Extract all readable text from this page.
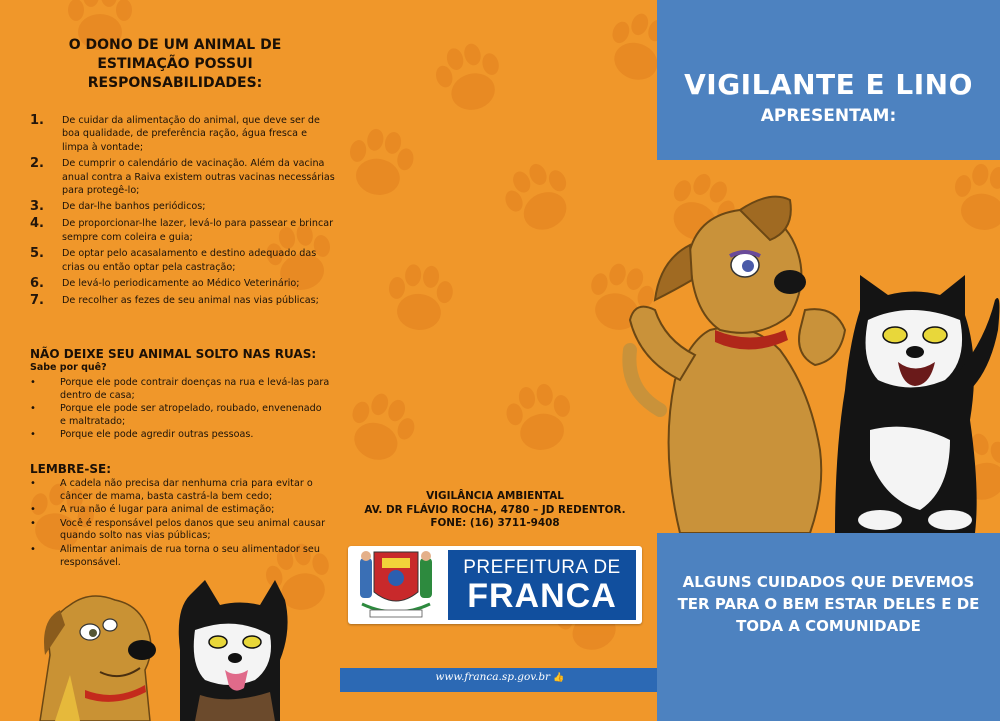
O DONO DE UM ANIMAL DE ESTIMAÇÃO POSSUI RESPONSABILIDADES:
1.	De cuidar da alimentação do animal, que deve ser de boa qualidade, de preferência ração, água fresca e limpa à vontade;
2.	De cumprir o calendário de vacinação. Além da vacina anual contra a Raiva existem outras vacinas necessárias para protegê-lo;
3.	De dar-lhe banhos periódicos;
4.	De proporcionar-lhe lazer, levá-lo para passear e brincar sempre com coleira e guia;
5.	De optar pelo acasalamento e destino adequado das crias ou então optar pela castração;
6.	De levá-lo periodicamente ao Médico Veterinário;
7.	De recolher as fezes de seu animal nas vias públicas;
NÃO DEIXE SEU ANIMAL SOLTO NAS RUAS:
Sabe por quê?
•	Porque ele pode contrair doenças na rua e levá-las para dentro de casa;
•	Porque ele pode ser atropelado, roubado, envenenado e maltratado;
•	Porque ele pode agredir outras pessoas.
LEMBRE-SE:
•	A cadela não precisa dar nenhuma cria para evitar o câncer de mama, basta castrá-la bem cedo;
•	A rua não é lugar para animal de estimação;
•	Você é responsável pelos danos que seu animal causar quando solto nas vias públicas;
•	Alimentar animais de rua torna o seu alimentador seu responsável.
VIGILÂNCIA AMBIENTAL
AV. DR FLÁVIO ROCHA, 4780 – JD REDENTOR.
FONE: (16) 3711-9408
PREFEITURA DE
FRANCA
www.franca.sp.gov.br 👍
VIGILANTE E LINO
APRESENTAM:
ALGUNS CUIDADOS QUE DEVEMOS TER PARA O BEM ESTAR DELES E DE TODA A COMUNIDADE
